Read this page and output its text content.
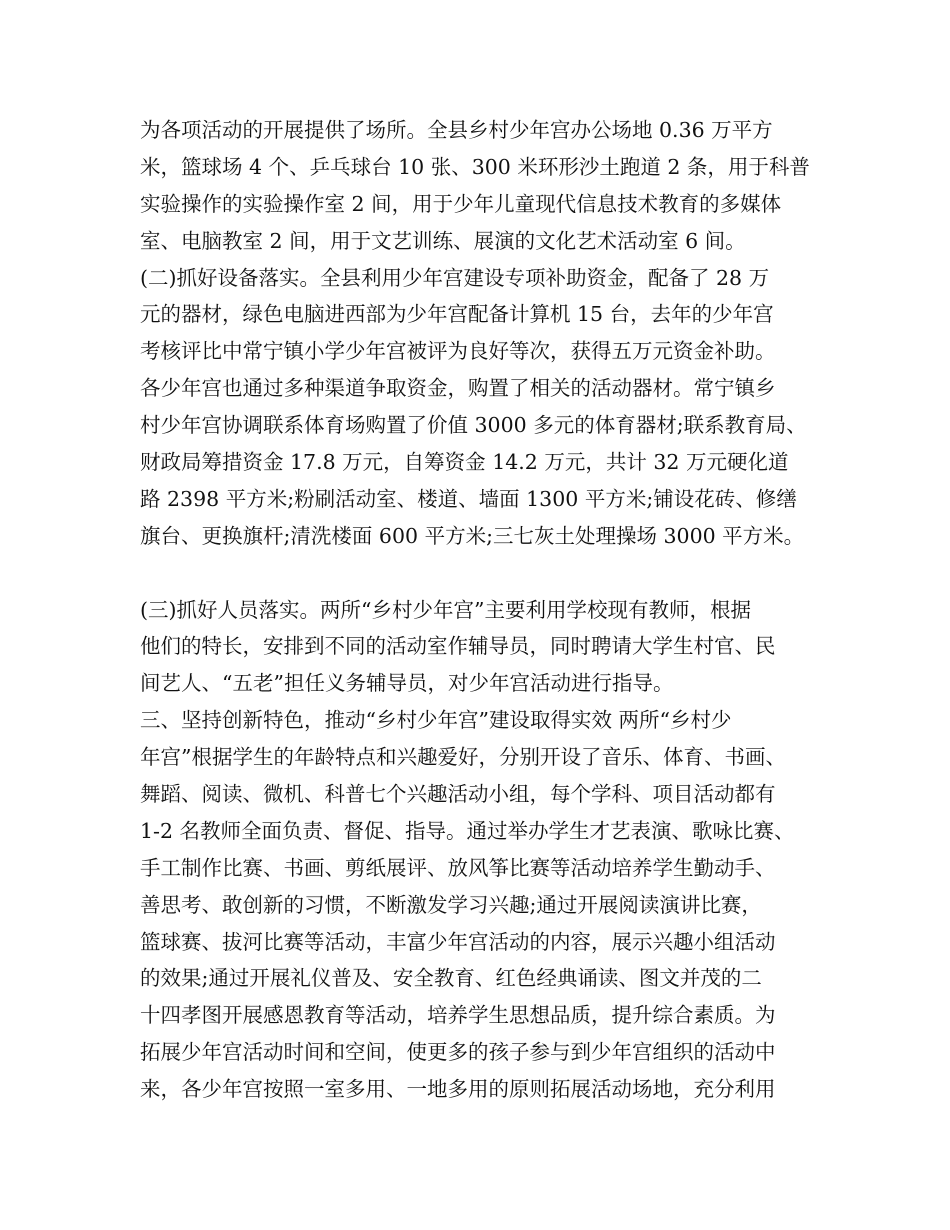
为各项活动的开展提供了场所。全县乡村少年宫办公场地 0.36 万平方
米，篮球场 4 个、乒乓球台 10 张、300 米环形沙土跑道 2 条，用于科普
实验操作的实验操作室 2 间，用于少年儿童现代信息技术教育的多媒体
室、电脑教室 2 间，用于文艺训练、展演的文化艺术活动室 6 间。
(二)抓好设备落实。全县利用少年宫建设专项补助资金，配备了 28 万
元的器材，绿色电脑进西部为少年宫配备计算机 15 台，去年的少年宫
考核评比中常宁镇小学少年宫被评为良好等次，获得五万元资金补助。
各少年宫也通过多种渠道争取资金，购置了相关的活动器材。常宁镇乡
村少年宫协调联系体育场购置了价值 3000 多元的体育器材;联系教育局、
财政局筹措资金 17.8 万元，自筹资金 14.2 万元，共计 32 万元硬化道
路 2398 平方米;粉刷活动室、楼道、墙面 1300 平方米;铺设花砖、修缮
旗台、更换旗杆;清洗楼面 600 平方米;三七灰土处理操场 3000 平方米。
(三)抓好人员落实。两所“乡村少年宫”主要利用学校现有教师，根据
他们的特长，安排到不同的活动室作辅导员，同时聘请大学生村官、民
间艺人、“五老”担任义务辅导员，对少年宫活动进行指导。
三、坚持创新特色，推动“乡村少年宫”建设取得实效 两所“乡村少
年宫”根据学生的年龄特点和兴趣爱好，分别开设了音乐、体育、书画、
舞蹈、阅读、微机、科普七个兴趣活动小组，每个学科、项目活动都有
1-2 名教师全面负责、督促、指导。通过举办学生才艺表演、歌咏比赛、
手工制作比赛、书画、剪纸展评、放风筝比赛等活动培养学生勤动手、
善思考、敢创新的习惯，不断激发学习兴趣;通过开展阅读演讲比赛，
篮球赛、拔河比赛等活动，丰富少年宫活动的内容，展示兴趣小组活动
的效果;通过开展礼仪普及、安全教育、红色经典诵读、图文并茂的二
十四孝图开展感恩教育等活动，培养学生思想品质，提升综合素质。为
拓展少年宫活动时间和空间，使更多的孩子参与到少年宫组织的活动中
来，各少年宫按照一室多用、一地多用的原则拓展活动场地，充分利用
